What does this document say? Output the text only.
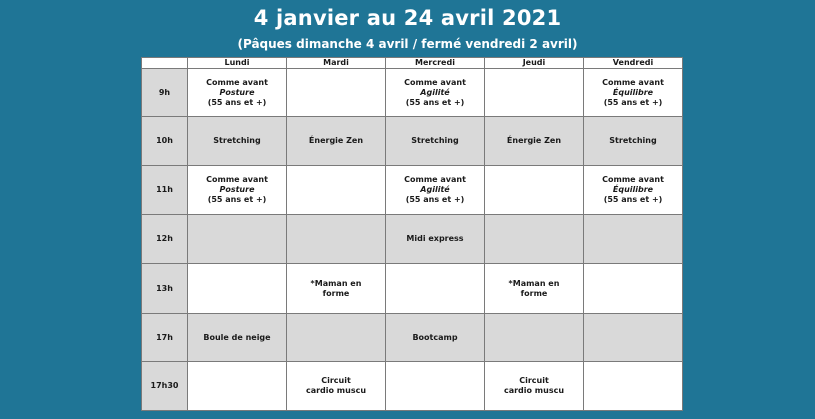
4 janvier au 24 avril 2021
(Pâques dimanche 4 avril / fermé vendredi 2 avril)
	Lundi	Mardi	Mercredi	Jeudi	Vendredi
9h	Comme avant
Posture
(55 ans et +)		Comme avant
Agilité
(55 ans et +)		Comme avant
Équilibre
(55 ans et +)

10h	Stretching	Énergie Zen	Stretching	Énergie Zen	Stretching

11h	Comme avant
Posture
(55 ans et +)		Comme avant
Agilité
(55 ans et +)		Comme avant
Équilibre
(55 ans et +)

12h			Midi express		

13h		*Maman en
forme		*Maman en
forme	

17h	Boule de neige		Bootcamp		

17h30		Circuit
cardio muscu		Circuit
cardio muscu	
